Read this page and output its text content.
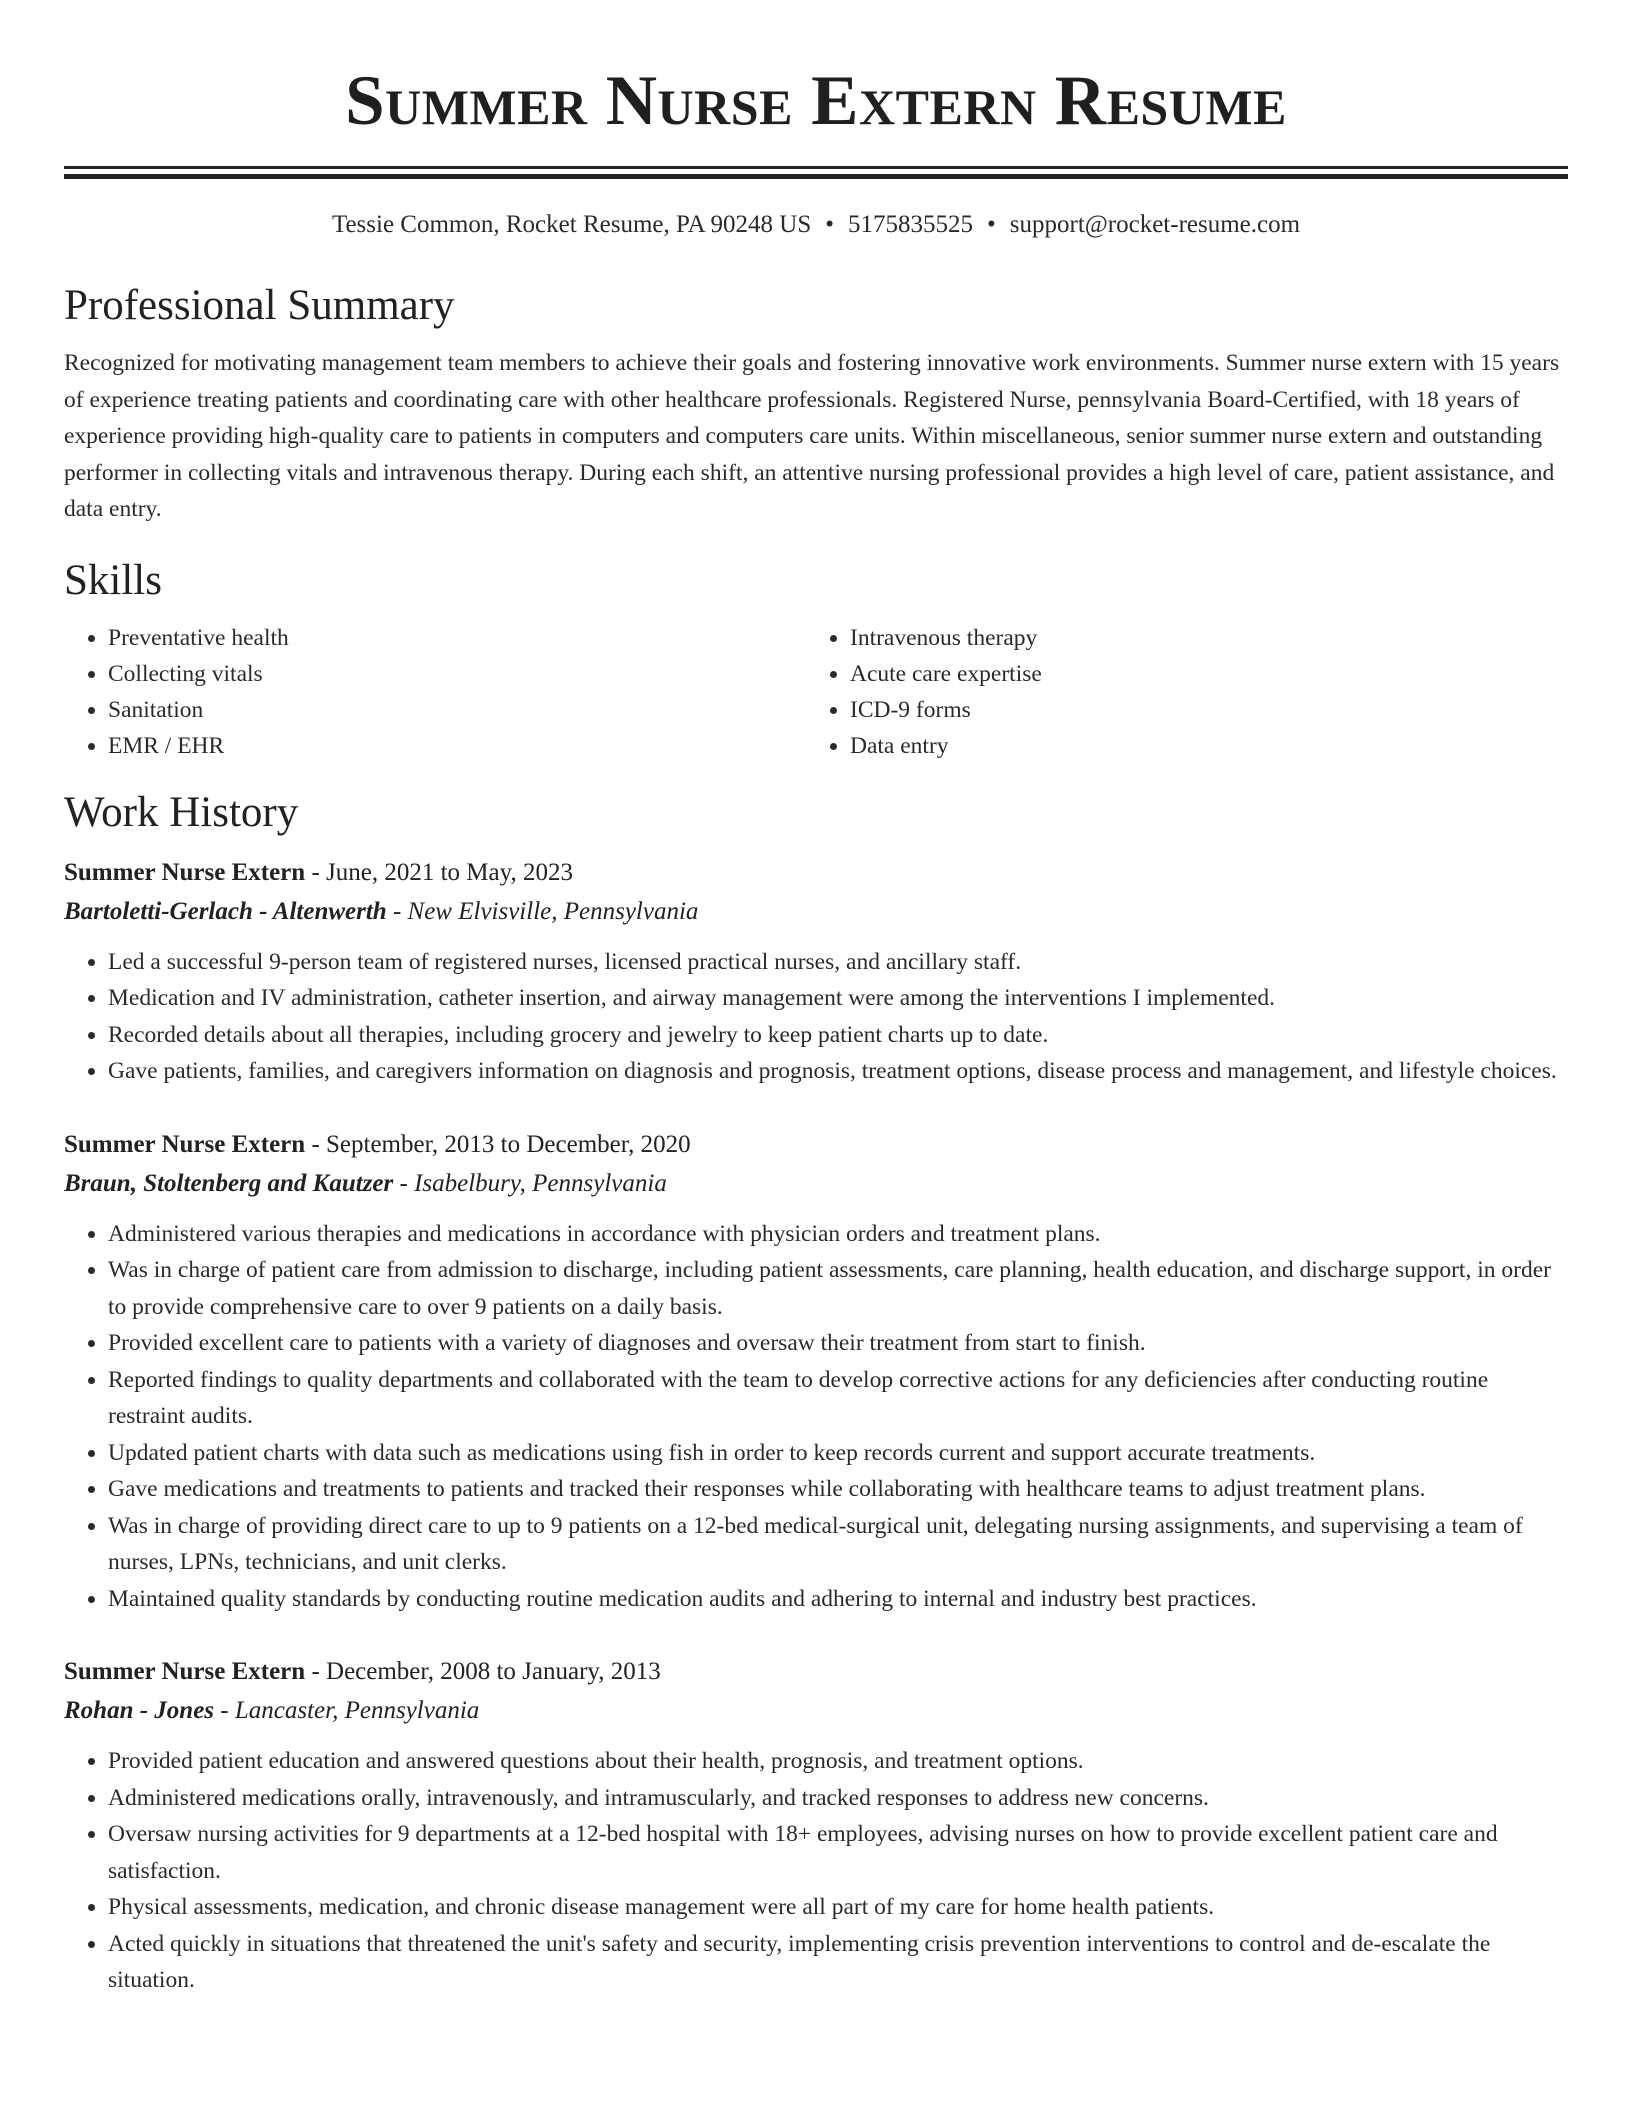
Summer Nurse Extern Resume
Tessie Common, Rocket Resume, PA 90248 US • 5175835525 • support@rocket-resume.com
Professional Summary

Recognized for motivating management team members to achieve their goals and fostering innovative work environments. Summer nurse extern with 15 years of experience treating patients and coordinating care with other healthcare professionals. Registered Nurse, pennsylvania Board-Certified, with 18 years of experience providing high-quality care to patients in computers and computers care units. Within miscellaneous, senior summer nurse extern and outstanding performer in collecting vitals and intravenous therapy. During each shift, an attentive nursing professional provides a high level of care, patient assistance, and data entry.

Skills
• Preventative health
• Collecting vitals
• Sanitation
• EMR / EHR
• Intravenous therapy
• Acute care expertise
• ICD-9 forms
• Data entry
Work History
Summer Nurse Extern - June, 2021 to May, 2023
Bartoletti-Gerlach - Altenwerth - New Elvisville, Pennsylvania
• Led a successful 9-person team of registered nurses, licensed practical nurses, and ancillary staff.
• Medication and IV administration, catheter insertion, and airway management were among the interventions I implemented.
• Recorded details about all therapies, including grocery and jewelry to keep patient charts up to date.
• Gave patients, families, and caregivers information on diagnosis and prognosis, treatment options, disease process and management, and lifestyle choices.
Summer Nurse Extern - September, 2013 to December, 2020
Braun, Stoltenberg and Kautzer - Isabelbury, Pennsylvania
• Administered various therapies and medications in accordance with physician orders and treatment plans.
• Was in charge of patient care from admission to discharge, including patient assessments, care planning, health education, and discharge support, in order to provide comprehensive care to over 9 patients on a daily basis.
• Provided excellent care to patients with a variety of diagnoses and oversaw their treatment from start to finish.
• Reported findings to quality departments and collaborated with the team to develop corrective actions for any deficiencies after conducting routine restraint audits.
• Updated patient charts with data such as medications using fish in order to keep records current and support accurate treatments.
• Gave medications and treatments to patients and tracked their responses while collaborating with healthcare teams to adjust treatment plans.
• Was in charge of providing direct care to up to 9 patients on a 12-bed medical-surgical unit, delegating nursing assignments, and supervising a team of nurses, LPNs, technicians, and unit clerks.
• Maintained quality standards by conducting routine medication audits and adhering to internal and industry best practices.
Summer Nurse Extern - December, 2008 to January, 2013
Rohan - Jones - Lancaster, Pennsylvania
• Provided patient education and answered questions about their health, prognosis, and treatment options.
• Administered medications orally, intravenously, and intramuscularly, and tracked responses to address new concerns.
• Oversaw nursing activities for 9 departments at a 12-bed hospital with 18+ employees, advising nurses on how to provide excellent patient care and satisfaction.
• Physical assessments, medication, and chronic disease management were all part of my care for home health patients.
• Acted quickly in situations that threatened the unit's safety and security, implementing crisis prevention interventions to control and de-escalate the situation.
